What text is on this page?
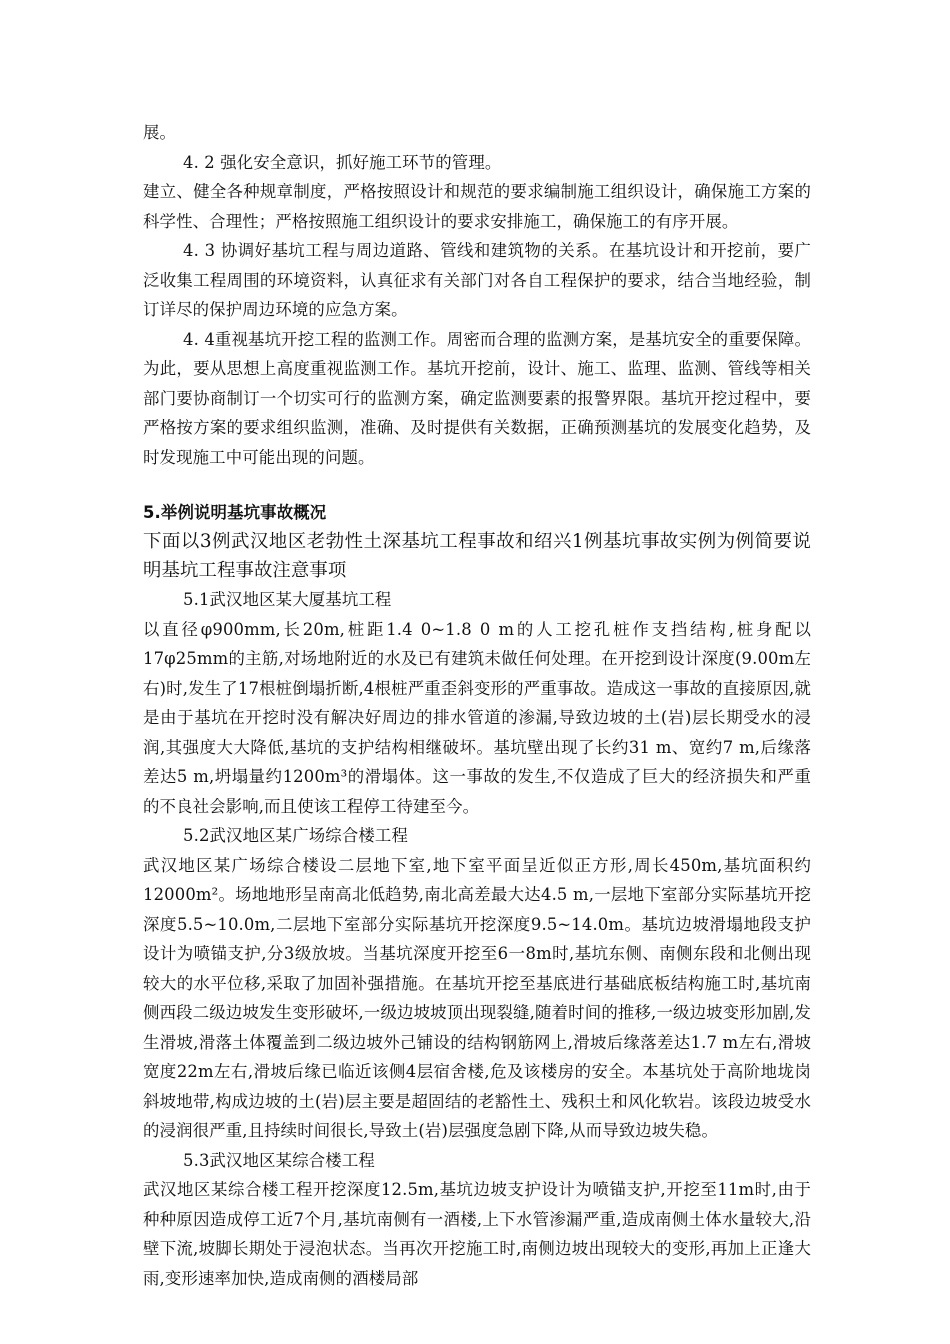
展。

4. 2 强化安全意识，抓好施工环节的管理。

建立、健全各种规章制度，严格按照设计和规范的要求编制施工组织设计，确保施工方案的科学性、合理性；严格按照施工组织设计的要求安排施工，确保施工的有序开展。

4. 3 协调好基坑工程与周边道路、管线和建筑物的关系。在基坑设计和开挖前，要广泛收集工程周围的环境资料，认真征求有关部门对各自工程保护的要求，结合当地经验，制订详尽的保护周边环境的应急方案。

4. 4重视基坑开挖工程的监测工作。周密而合理的监测方案，是基坑安全的重要保障。为此，要从思想上高度重视监测工作。基坑开挖前，设计、施工、监理、监测、管线等相关部门要协商制订一个切实可行的监测方案，确定监测要素的报警界限。基坑开挖过程中，要严格按方案的要求组织监测，准确、及时提供有关数据，正确预测基坑的发展变化趋势，及时发现施工中可能出现的问题。

5.举例说明基坑事故概况

下面以3例武汉地区老勃性土深基坑工程事故和绍兴1例基坑事故实例为例简要说明基坑工程事故注意事项

5.1武汉地区某大厦基坑工程

以直径φ900mm,长20m,桩距1.4 0~1.8 0 m的人工挖孔桩作支挡结构,桩身配以17φ25mm的主筋,对场地附近的水及已有建筑未做任何处理。在开挖到设计深度(9.00m左右)时,发生了17根桩倒塌折断,4根桩严重歪斜变形的严重事故。造成这一事故的直接原因,就是由于基坑在开挖时没有解决好周边的排水管道的渗漏,导致边坡的土(岩)层长期受水的浸润,其强度大大降低,基坑的支护结构相继破坏。基坑壁出现了长约31 m、宽约7 m,后缘落差达5 m,坍塌量约1200m³的滑塌体。这一事故的发生,不仅造成了巨大的经济损失和严重的不良社会影响,而且使该工程停工待建至今。

5.2武汉地区某广场综合楼工程

武汉地区某广场综合楼设二层地下室,地下室平面呈近似正方形,周长450m,基坑面积约12000m²。场地地形呈南高北低趋势,南北高差最大达4.5 m,一层地下室部分实际基坑开挖深度5.5~10.0m,二层地下室部分实际基坑开挖深度9.5~14.0m。基坑边坡滑塌地段支护设计为喷锚支护,分3级放坡。当基坑深度开挖至6一8m时,基坑东侧、南侧东段和北侧出现较大的水平位移,采取了加固补强措施。在基坑开挖至基底进行基础底板结构施工时,基坑南侧西段二级边坡发生变形破坏,一级边坡坡顶出现裂缝,随着时间的推移,一级边坡变形加剧,发生滑坡,滑落土体覆盖到二级边坡外己铺设的结构钢筋网上,滑坡后缘落差达1.7 m左右,滑坡宽度22m左右,滑坡后缘已临近该侧4层宿舍楼,危及该楼房的安全。本基坑处于高阶地垅岗斜坡地带,构成边坡的土(岩)层主要是超固结的老豁性土、残积土和风化软岩。该段边坡受水的浸润很严重,且持续时间很长,导致土(岩)层强度急剧下降,从而导致边坡失稳。

5.3武汉地区某综合楼工程

武汉地区某综合楼工程开挖深度12.5m,基坑边坡支护设计为喷锚支护,开挖至11m时,由于种种原因造成停工近7个月,基坑南侧有一酒楼,上下水管渗漏严重,造成南侧土体水量较大,沿壁下流,坡脚长期处于浸泡状态。当再次开挖施工时,南侧边坡出现较大的变形,再加上正逢大雨,变形速率加快,造成南侧的酒楼局部
